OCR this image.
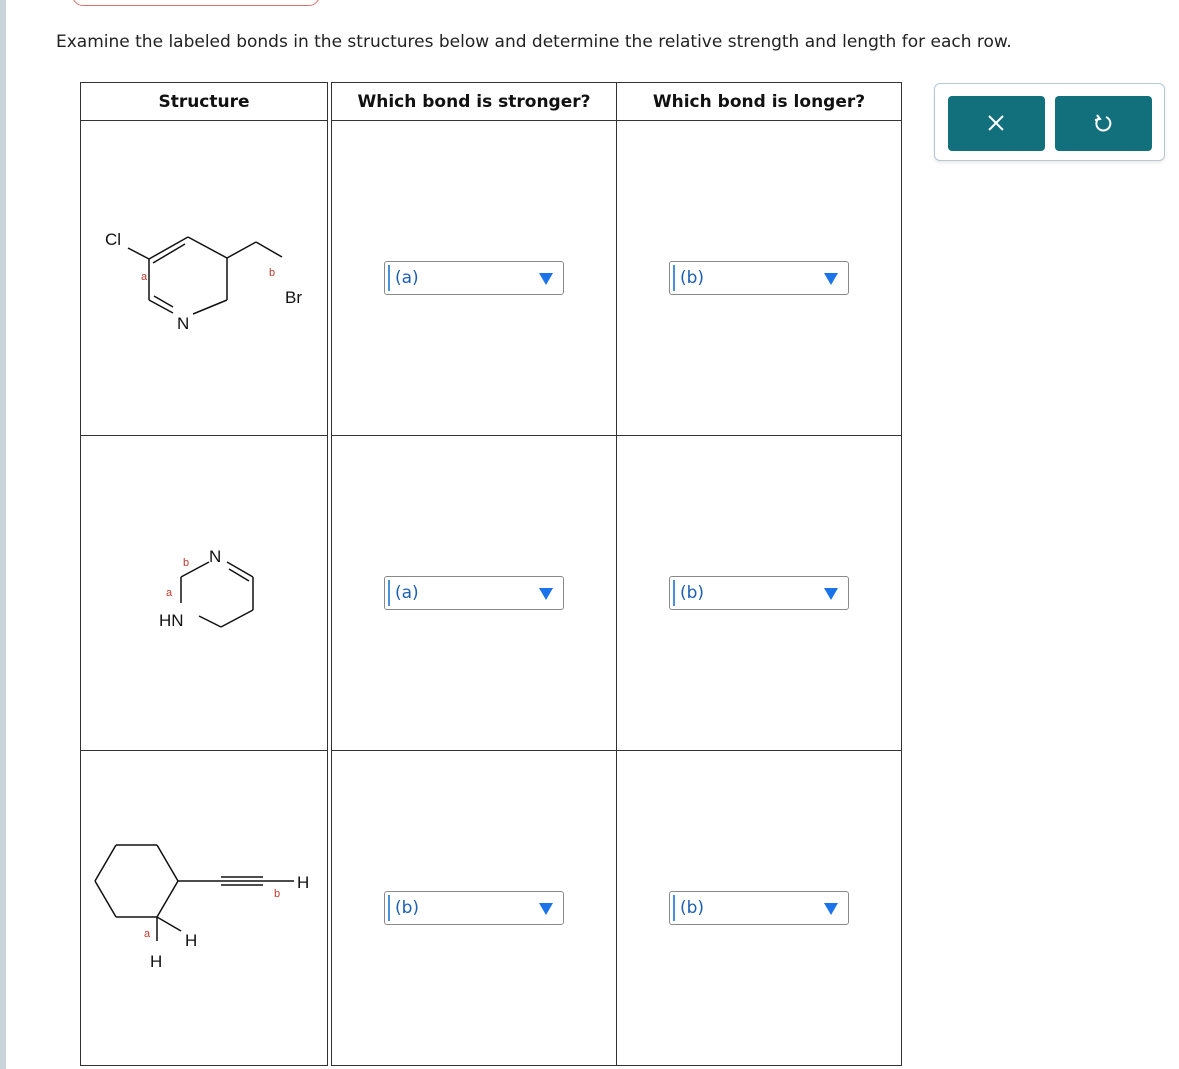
Examine the labeled bonds in the structures below and determine the relative strength and length for each row.
Structure		Which bond is stronger?	Which bond is longer?

Cl
N
Br
a b		(a)	(b)

N
HN
a
b		(a)	(b)

H
H
H
a
b		(b)	(b)
